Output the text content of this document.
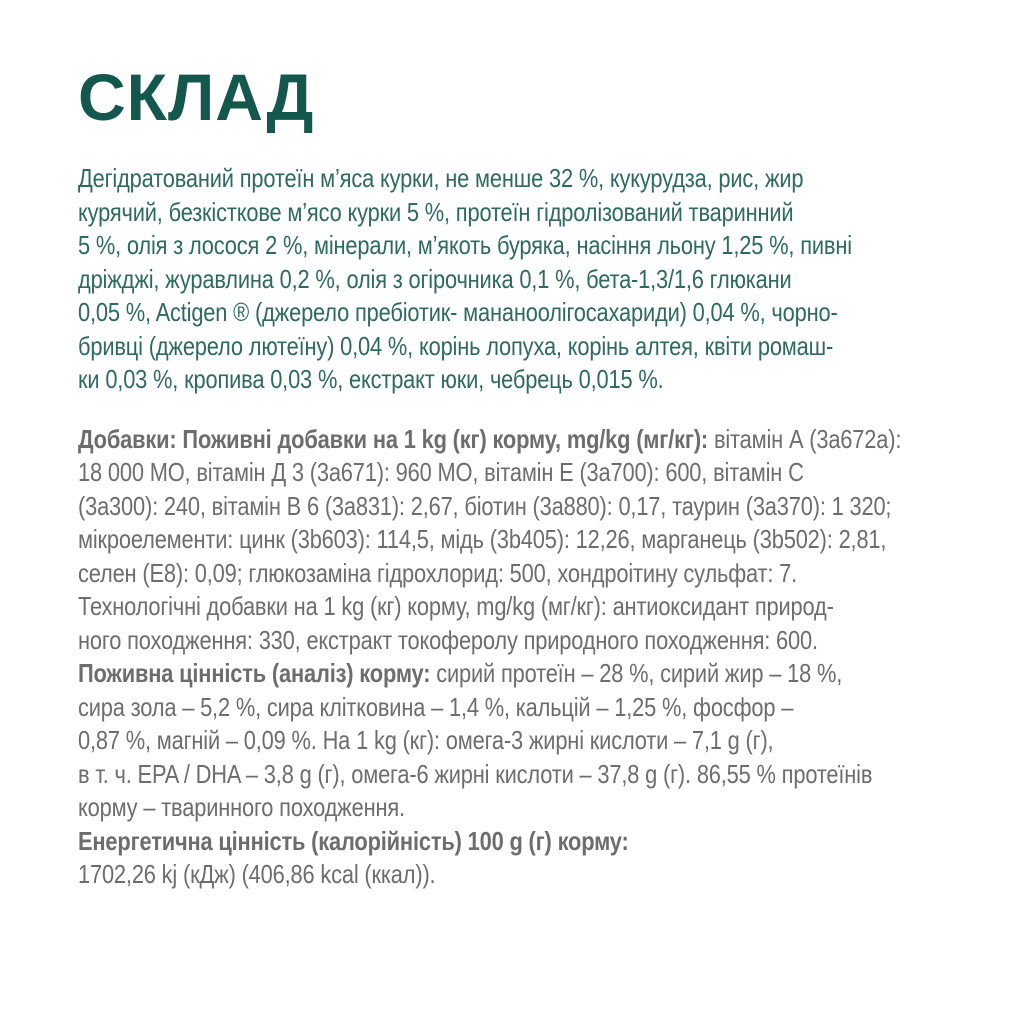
СКЛАД
Дегідратований протеїн м’яса курки, не менше 32 %, кукурудза, рис, жир
курячий, безкісткове м’ясо курки 5 %, протеїн гідролізований тваринний
5 %, олія з лосося 2 %, мінерали, м’якоть буряка, насіння льону 1,25 %, пивні
дріжджі, журавлина 0,2 %, олія з огірочника 0,1 %, бета-1,3/1,6 глюкани
0,05 %, Actigen ® (джерело пребіотик- мананоолігосахариди) 0,04 %, чорно-
бривці (джерело лютеїну) 0,04 %, корінь лопуха, корінь алтея, квіти ромаш-
ки 0,03 %, кропива 0,03 %, екстракт юки, чебрець 0,015 %.
Добавки: Поживні добавки на 1 kg (кг) корму, mg/kg (мг/кг): вітамін А (3a672a):
18 000 МО, вітамін Д 3 (3a671): 960 МО, вітамін Е (3a700): 600, вітамін С
(3a300): 240, вітамін В 6 (3a831): 2,67, біотин (3a880): 0,17, таурин (3a370): 1 320;
мікроелементи: цинк (3b603): 114,5, мідь (3b405): 12,26, марганець (3b502): 2,81,
селен (Е8): 0,09; глюкозаміна гідрохлорид: 500, хондроітину сульфат: 7.
Технологічні добавки на 1 kg (кг) корму, mg/kg (мг/кг): антиоксидант природ-
ного походження: 330, екстракт токоферолу природного походження: 600.
Поживна цінність (аналіз) корму: сирий протеїн – 28 %, сирий жир – 18 %,
сира зола – 5,2 %, сира клітковина – 1,4 %, кальцій – 1,25 %, фосфор –
0,87 %, магній – 0,09 %. На 1 kg (кг): омега-3 жирні кислоти – 7,1 g (г),
в т. ч. EPA / DHA – 3,8 g (г), омега-6 жирні кислоти – 37,8 g (г). 86,55 % протеїнів
корму – тваринного походження.
Енергетична цінність (калорійність) 100 g (г) корму:
1702,26 kj (кДж) (406,86 kcal (ккал)).
